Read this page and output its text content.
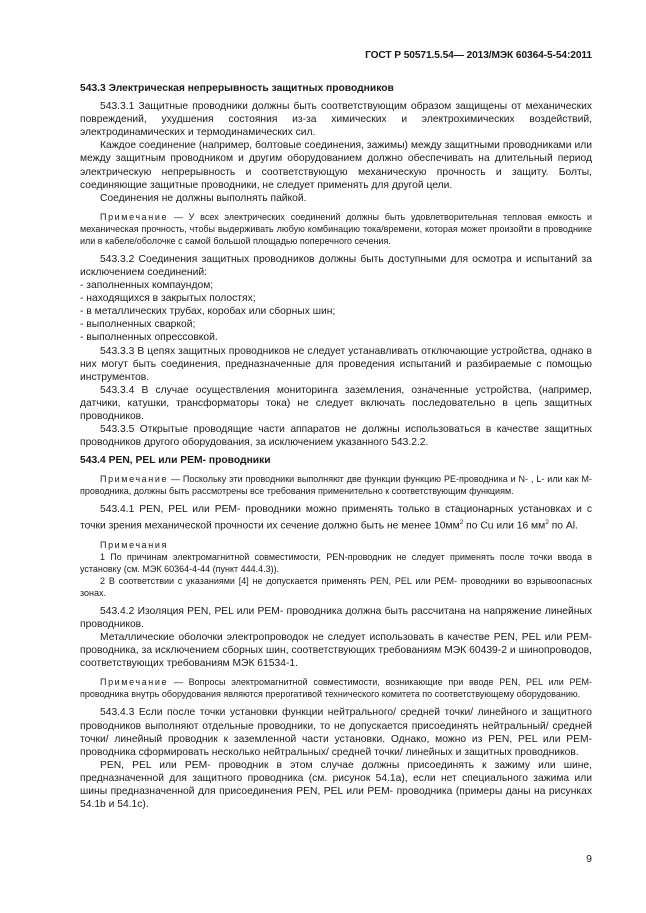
ГОСТ Р 50571.5.54— 2013/МЭК 60364-5-54:2011

543.3 Электрическая непрерывность защитных проводников

543.3.1 Защитные проводники должны быть соответствующим образом защищены от механических повреждений, ухудшения состояния из-за химических и электрохимических воздействий, электродинамических и термодинамических сил.

Каждое соединение (например, болтовые соединения, зажимы) между защитными проводниками или между защитным проводником и другим оборудованием должно обеспечивать на длительный период электрическую непрерывность и соответствующую механическую прочность и защиту. Болты, соединяющие защитные проводники, не следует применять для другой цели.

Соединения не должны выполнять пайкой.

Примечание — У всех электрических соединений должны быть удовлетворительная тепловая емкость и механическая прочность, чтобы выдерживать любую комбинацию тока/времени, которая может произойти в проводнике или в кабеле/оболочке с самой большой площадью поперечного сечения.

543.3.2 Соединения защитных проводников должны быть доступными для осмотра и испытаний за исключением соединений:

- заполненных компаундом;

- находящихся в закрытых полостях;

- в металлических трубах, коробах или сборных шин;

- выполненных сваркой;

- выполненных опрессовкой.

543.3.3 В цепях защитных проводников не следует устанавливать отключающие устройства, однако в них могут быть соединения, предназначенные для проведения испытаний и разбираемые с помощью инструментов.

543.3.4 В случае осуществления мониторинга заземления, означенные устройства, (например, датчики, катушки, трансформаторы тока) не следует включать последовательно в цепь защитных проводников.

543.3.5 Открытые проводящие части аппаратов не должны использоваться в качестве защитных проводников другого оборудования, за исключением указанного 543.2.2.

543.4 PEN, PEL или PEM- проводники

Примечание — Поскольку эти проводники выполняют две функции функцию PE-проводника и N- , L- или как M- проводника, должны быть рассмотрены все требования применительно к соответствующим функциям.

543.4.1 PEN, PEL или PEM- проводники можно применять только в стационарных установках и с точки зрения механической прочности их сечение должно быть не менее $10мм^2$ по Cu или 16 $мм^2$ по Al.

Примечания

1 По причинам электромагнитной совместимости, PEN-проводник не следует применять после точки ввода в установку (см. МЭК 60364-4-44 (пункт 444.4.3)).

2 В соответствии с указаниями [4] не допускается применять PEN, PEL или PEM- проводники во взрывоопасных зонах.

543.4.2 Изоляция PEN, PEL или PEM- проводника должна быть рассчитана на напряжение линейных проводников.

Металлические оболочки электропроводок не следует использовать в качестве PEN, PEL или PEM- проводника, за исключением сборных шин, соответствующих требованиям МЭК 60439-2 и шинопроводов, соответствующих требованиям МЭК 61534-1.

Примечание — Вопросы электромагнитной совместимости, возникающие при вводе PEN, PEL или PEM- проводника внутрь оборудования являются прерогативой технического комитета по соответствующему оборудованию.

543.4.3 Если после точки установки функции нейтрального/ средней точки/ линейного и защитного проводников выполняют отдельные проводники, то не допускается присоединять нейтральный/ средней точки/ линейный проводник к заземленной части установки. Однако, можно из PEN, PEL или PEM- проводника сформировать несколько нейтральных/ средней точки/ линейных и защитных проводников.

PEN, PEL или PEM- проводник в этом случае должны присоединять к зажиму или шине, предназначенной для защитного проводника (см. рисунок 54.1a), если нет специального зажима или шины предназначенной для присоединения PEN, PEL или PEM- проводника (примеры даны на рисунках 54.1b и 54.1c).

9
